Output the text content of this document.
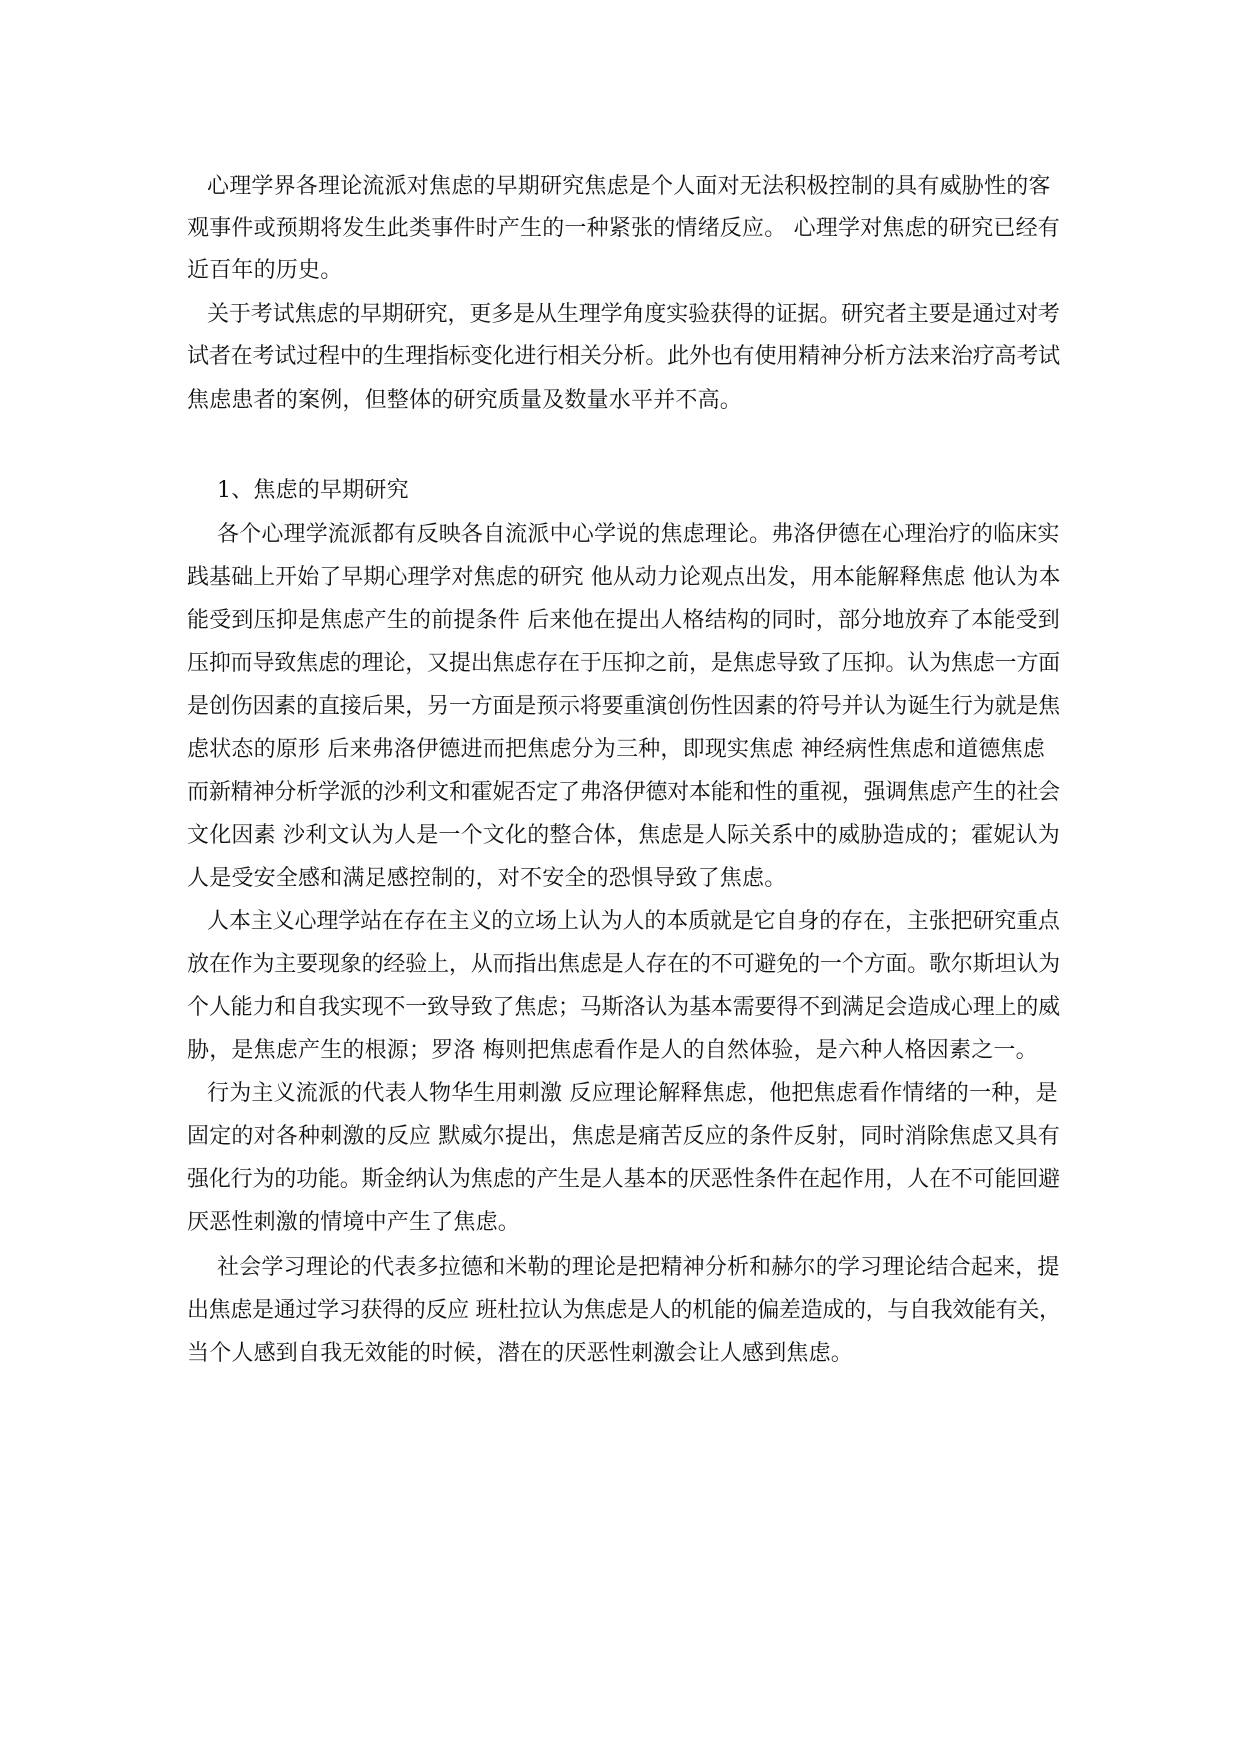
心理学界各理论流派对焦虑的早期研究焦虑是个人面对无法积极控制的具有威胁性的客

观事件或预期将发生此类事件时产生的一种紧张的情绪反应。 心理学对焦虑的研究已经有

近百年的历史。

关于考试焦虑的早期研究，更多是从生理学角度实验获得的证据。研究者主要是通过对考

试者在考试过程中的生理指标变化进行相关分析。此外也有使用精神分析方法来治疗高考试

焦虑患者的案例，但整体的研究质量及数量水平并不高。

1、焦虑的早期研究

各个心理学流派都有反映各自流派中心学说的焦虑理论。弗洛伊德在心理治疗的临床实

践基础上开始了早期心理学对焦虑的研究 他从动力论观点出发，用本能解释焦虑 他认为本

能受到压抑是焦虑产生的前提条件 后来他在提出人格结构的同时，部分地放弃了本能受到

压抑而导致焦虑的理论，又提出焦虑存在于压抑之前，是焦虑导致了压抑。认为焦虑一方面

是创伤因素的直接后果，另一方面是预示将要重演创伤性因素的符号并认为诞生行为就是焦

虑状态的原形 后来弗洛伊德进而把焦虑分为三种，即现实焦虑 神经病性焦虑和道德焦虑

而新精神分析学派的沙利文和霍妮否定了弗洛伊德对本能和性的重视，强调焦虑产生的社会

文化因素 沙利文认为人是一个文化的整合体，焦虑是人际关系中的威胁造成的；霍妮认为

人是受安全感和满足感控制的，对不安全的恐惧导致了焦虑。

人本主义心理学站在存在主义的立场上认为人的本质就是它自身的存在，主张把研究重点

放在作为主要现象的经验上，从而指出焦虑是人存在的不可避免的一个方面。歌尔斯坦认为

个人能力和自我实现不一致导致了焦虑；马斯洛认为基本需要得不到满足会造成心理上的威

胁，是焦虑产生的根源；罗洛 梅则把焦虑看作是人的自然体验，是六种人格因素之一。

行为主义流派的代表人物华生用刺激 反应理论解释焦虑，他把焦虑看作情绪的一种，是

固定的对各种刺激的反应 默威尔提出，焦虑是痛苦反应的条件反射，同时消除焦虑又具有

强化行为的功能。斯金纳认为焦虑的产生是人基本的厌恶性条件在起作用，人在不可能回避

厌恶性刺激的情境中产生了焦虑。

社会学习理论的代表多拉德和米勒的理论是把精神分析和赫尔的学习理论结合起来，提

出焦虑是通过学习获得的反应 班杜拉认为焦虑是人的机能的偏差造成的，与自我效能有关，

当个人感到自我无效能的时候，潜在的厌恶性刺激会让人感到焦虑。
